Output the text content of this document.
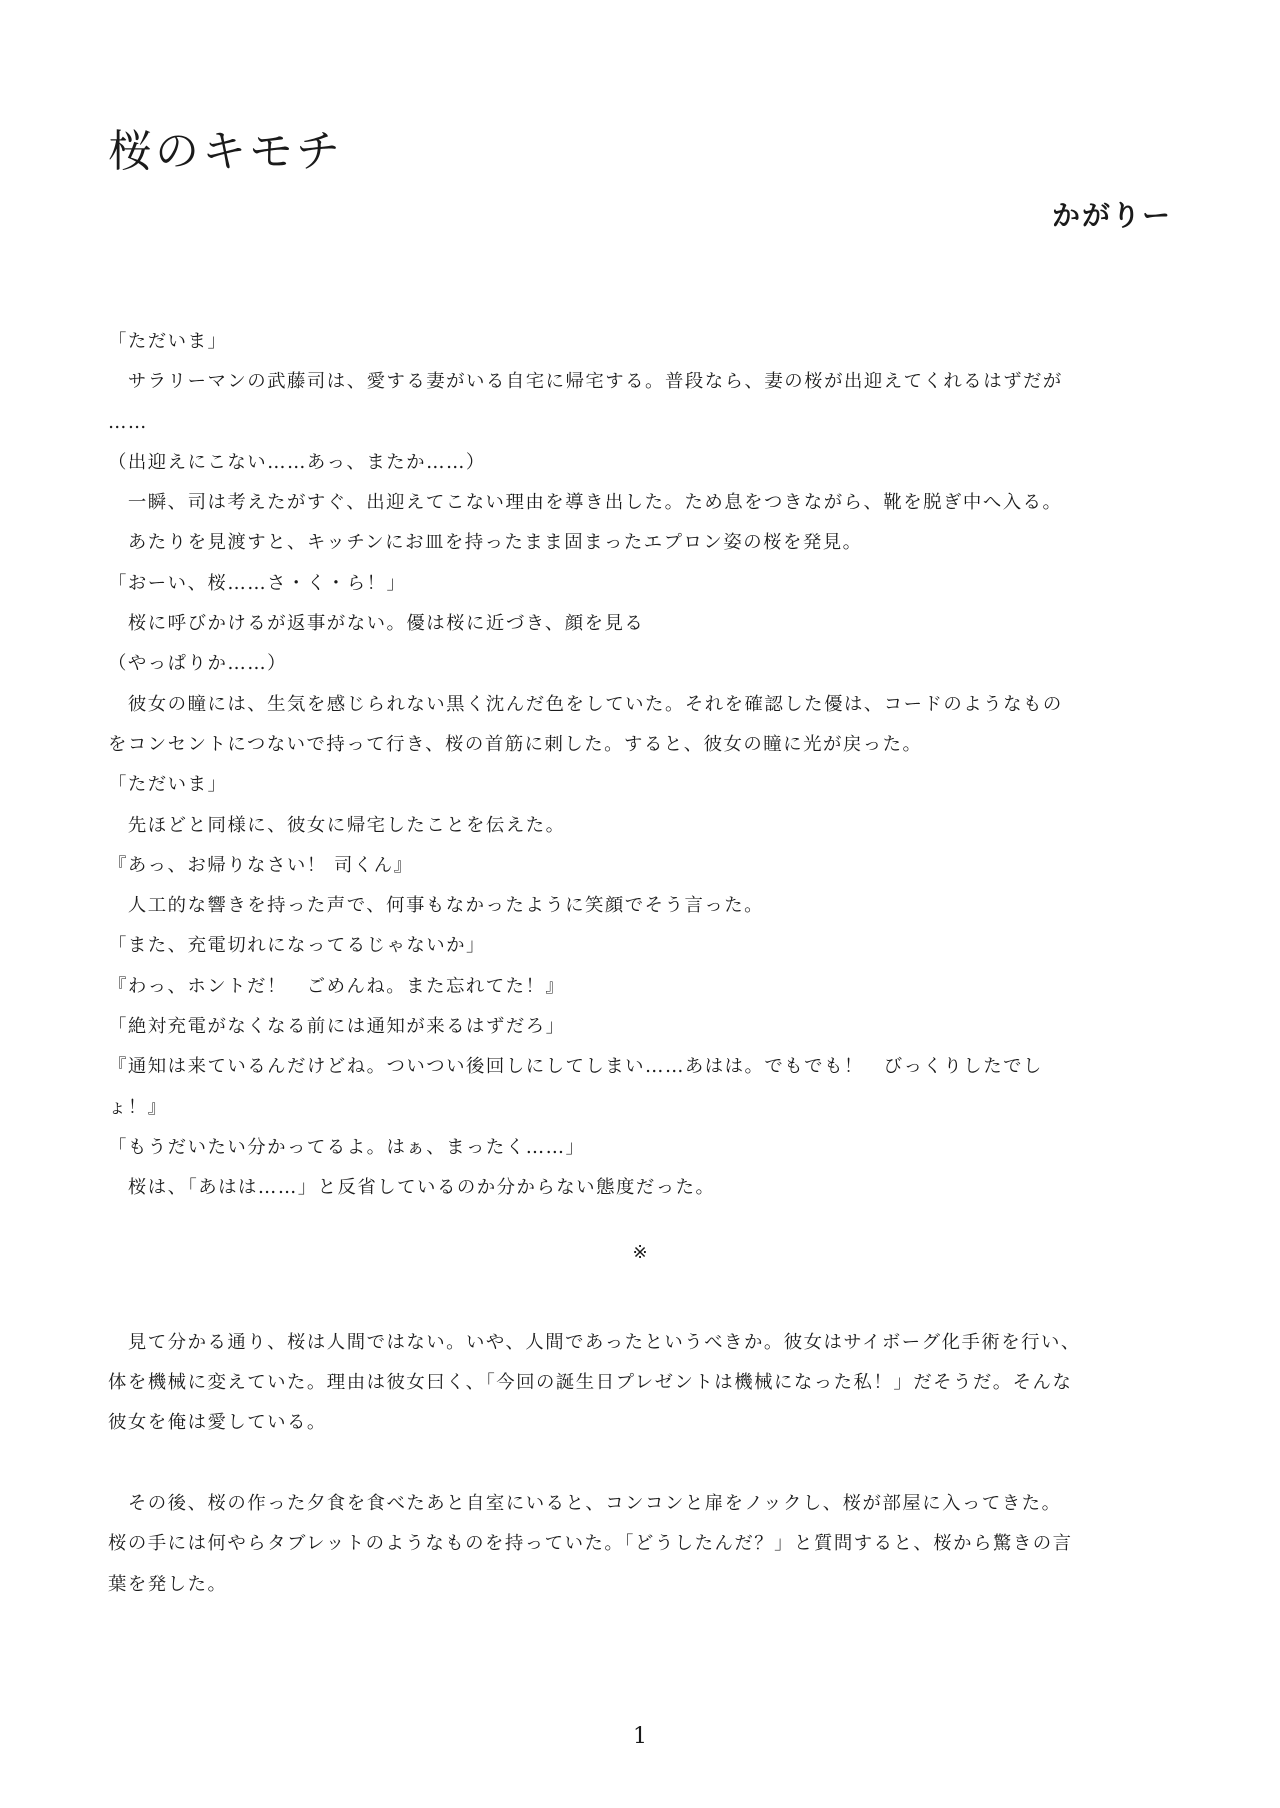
桜のキモチ
かがりー
「ただいま」
　サラリーマンの武藤司は、愛する妻がいる自宅に帰宅する。普段なら、妻の桜が出迎えてくれるはずだが
……
（出迎えにこない……あっ、またか……）
　一瞬、司は考えたがすぐ、出迎えてこない理由を導き出した。ため息をつきながら、靴を脱ぎ中へ入る。
　あたりを見渡すと、キッチンにお皿を持ったまま固まったエプロン姿の桜を発見。
「おーい、桜……さ・く・ら！」
　桜に呼びかけるが返事がない。優は桜に近づき、顔を見る
（やっぱりか……）
　彼女の瞳には、生気を感じられない黒く沈んだ色をしていた。それを確認した優は、コードのようなもの
をコンセントにつないで持って行き、桜の首筋に刺した。すると、彼女の瞳に光が戻った。
「ただいま」
　先ほどと同様に、彼女に帰宅したことを伝えた。
『あっ、お帰りなさい！ 司くん』
　人工的な響きを持った声で、何事もなかったように笑顔でそう言った。
「また、充電切れになってるじゃないか」
『わっ、ホントだ！　ごめんね。また忘れてた！』
「絶対充電がなくなる前には通知が来るはずだろ」
『通知は来ているんだけどね。ついつい後回しにしてしまい……あはは。でもでも！　びっくりしたでし
ょ！』
「もうだいたい分かってるよ。はぁ、まったく……」
　桜は、「あはは……」と反省しているのか分からない態度だった。
※
　見て分かる通り、桜は人間ではない。いや、人間であったというべきか。彼女はサイボーグ化手術を行い、
体を機械に変えていた。理由は彼女曰く、「今回の誕生日プレゼントは機械になった私！」だそうだ。そんな
彼女を俺は愛している。
　その後、桜の作った夕食を食べたあと自室にいると、コンコンと扉をノックし、桜が部屋に入ってきた。
桜の手には何やらタブレットのようなものを持っていた。「どうしたんだ？」と質問すると、桜から驚きの言
葉を発した。
1
